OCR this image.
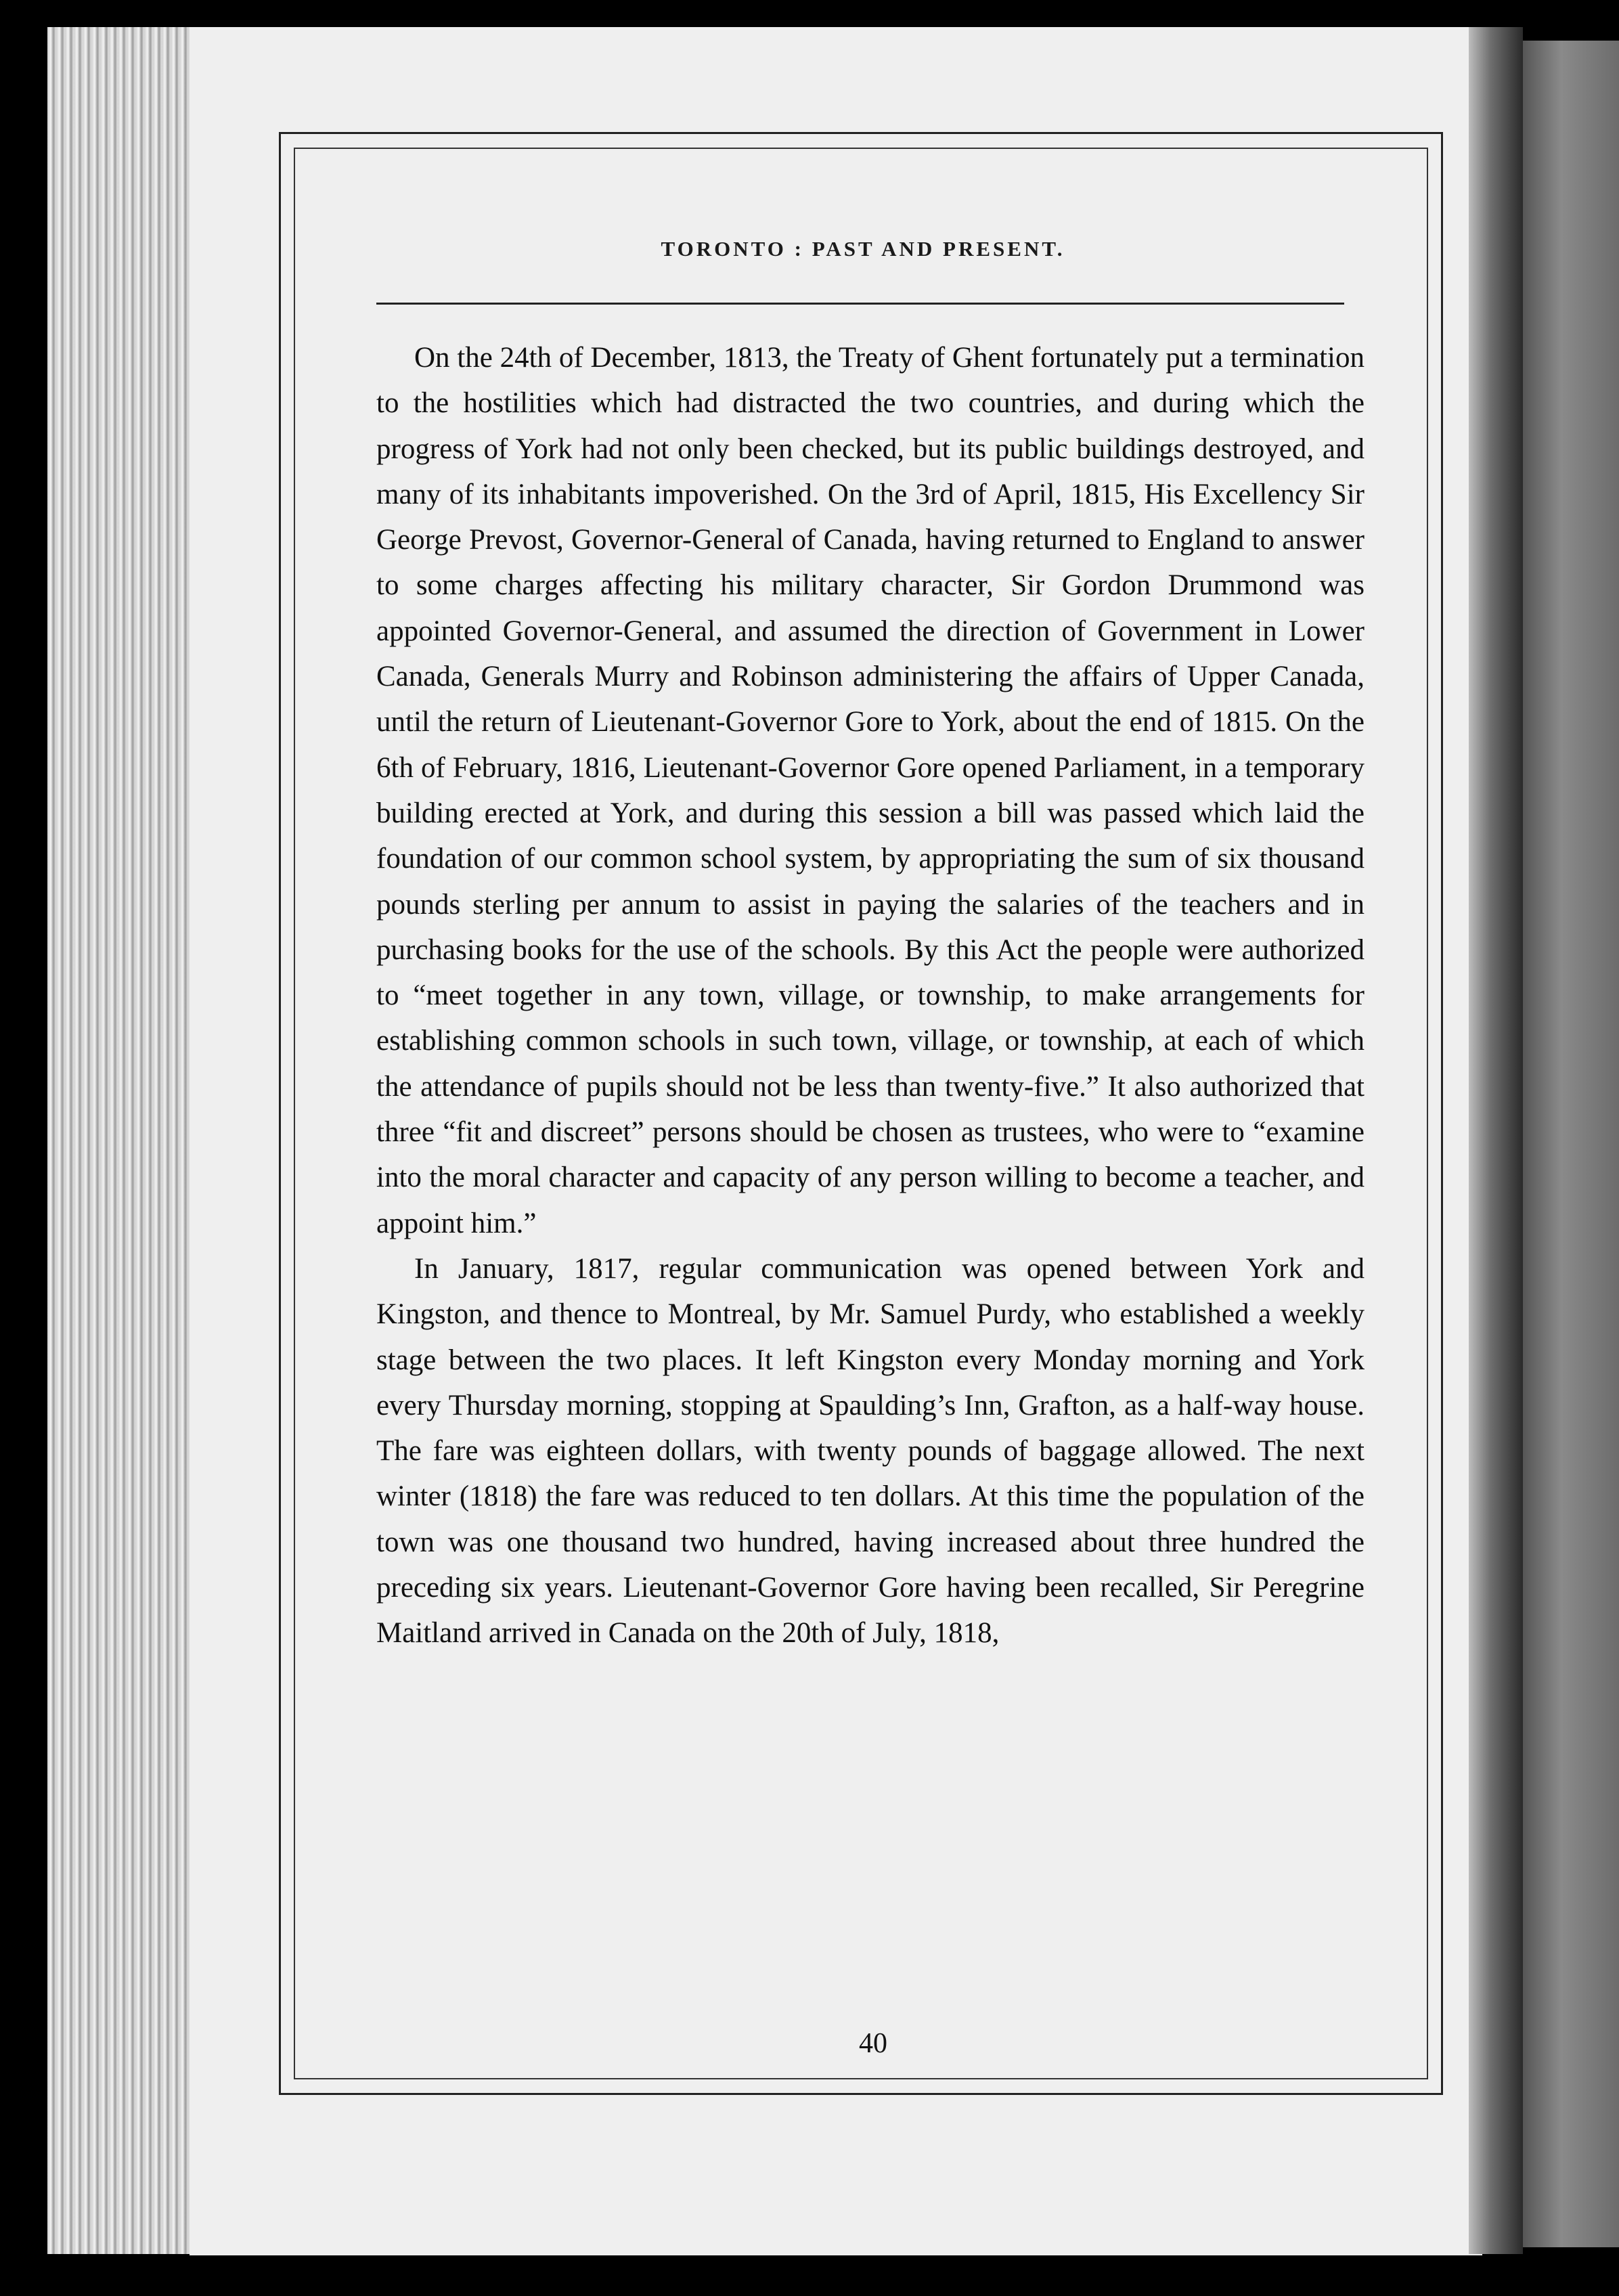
TORONTO : PAST AND PRESENT.

On the 24th of December, 1813, the Treaty of Ghent fortunately put a termination to the hostilities which had distracted the two countries, and during which the progress of York had not only been checked, but its public buildings destroyed, and many of its inhabitants impoverished. On the 3rd of April, 1815, His Excellency Sir George Prevost, Governor-General of Canada, having returned to England to answer to some charges affecting his military character, Sir Gordon Drummond was appointed Governor-General, and assumed the direction of Government in Lower Canada, Generals Murry and Robinson administering the affairs of Upper Canada, until the return of Lieutenant-Governor Gore to York, about the end of 1815. On the 6th of February, 1816, Lieutenant-Governor Gore opened Parliament, in a temporary building erected at York, and during this session a bill was passed which laid the foundation of our common school system, by appropriating the sum of six thousand pounds sterling per annum to assist in paying the salaries of the teachers and in purchasing books for the use of the schools. By this Act the people were authorized to “meet together in any town, village, or township, to make arrangements for establishing common schools in such town, village, or township, at each of which the attendance of pupils should not be less than twenty-five.” It also authorized that three “fit and discreet” persons should be chosen as trustees, who were to “examine into the moral character and capacity of any person willing to become a teacher, and appoint him.”

In January, 1817, regular communication was opened between York and Kingston, and thence to Montreal, by Mr. Samuel Purdy, who established a weekly stage between the two places. It left Kingston every Monday morning and York every Thursday morning, stopping at Spaulding’s Inn, Grafton, as a half-way house. The fare was eighteen dollars, with twenty pounds of baggage allowed. The next winter (1818) the fare was reduced to ten dollars. At this time the population of the town was one thousand two hundred, having increased about three hundred the preceding six years. Lieutenant-Governor Gore having been recalled, Sir Peregrine Maitland arrived in Canada on the 20th of July, 1818,

40
